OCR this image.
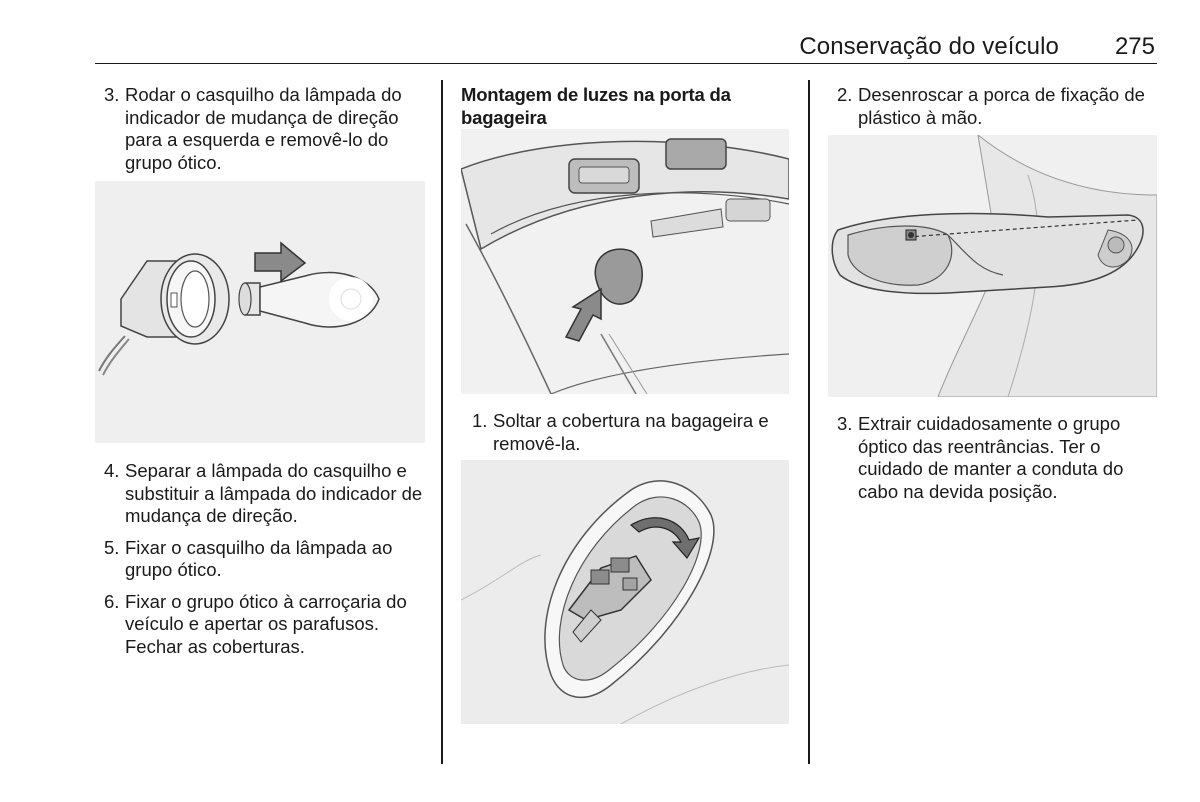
Conservação do veículo 275
3. Rodar o casquilho da lâmpada do indicador de mudança de direção para a esquerda e removê-lo do grupo ótico.
4. Separar a lâmpada do casquilho e substituir a lâmpada do indicador de mudança de direção.
5. Fixar o casquilho da lâmpada ao grupo ótico.
6. Fixar o grupo ótico à carroçaria do veículo e apertar os parafusos. Fechar as coberturas.

Montagem de luzes na porta da bagageira

1. Soltar a cobertura na bagageira e removê-la.
2. Desenroscar a porca de fixação de plástico à mão.
3. Extrair cuidadosamente o grupo óptico das reentrâncias. Ter o cuidado de manter a conduta do cabo na devida posição.
